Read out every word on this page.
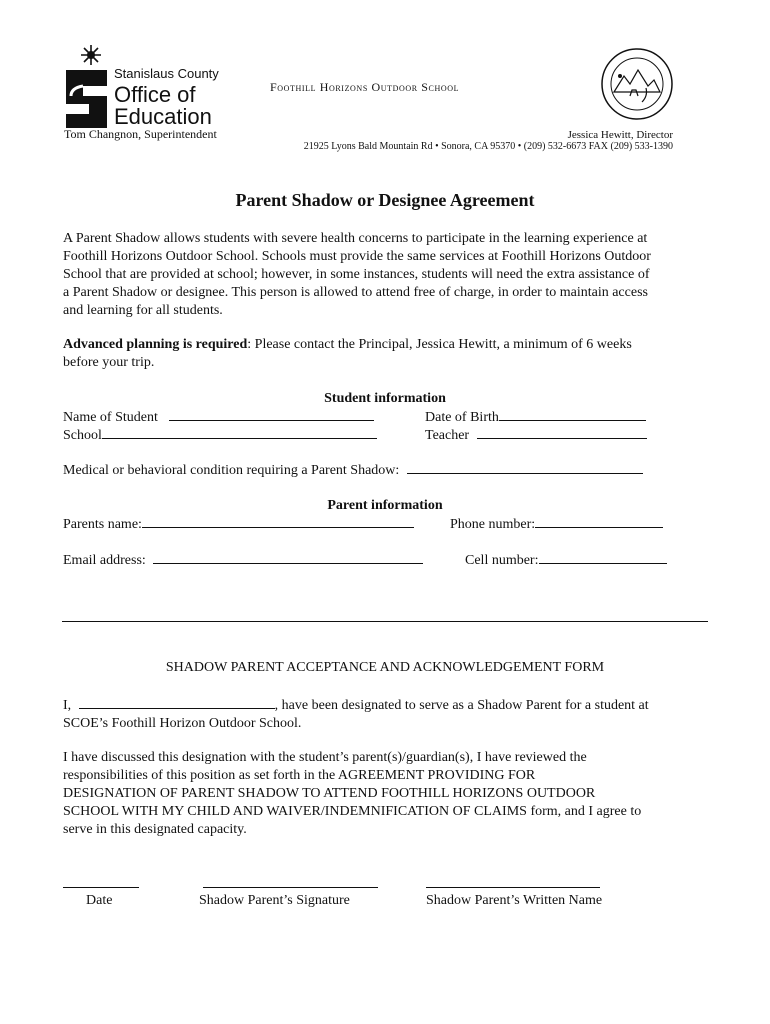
Stanislaus County
Office of
Education
Tom Changnon, Superintendent
Foothill Horizons Outdoor School
Jessica Hewitt, Director
21925 Lyons Bald Mountain Rd • Sonora, CA 95370 • (209) 532-6673 FAX (209) 533-1390
Parent Shadow or Designee Agreement
A Parent Shadow allows students with severe health concerns to participate in the learning experience at
Foothill Horizons Outdoor School. Schools must provide the same services at Foothill Horizons Outdoor
School that are provided at school; however, in some instances, students will need the extra assistance of
a Parent Shadow or designee. This person is allowed to attend free of charge, in order to maintain access
and learning for all students.
Advanced planning is required: Please contact the Principal, Jessica Hewitt, a minimum of 6 weeks
before your trip.
Student information
Name of Student	Date of Birth
School	Teacher
Medical or behavioral condition requiring a Parent Shadow:
Parent information
Parents name:	Phone number:
Email address:	Cell number:
SHADOW PARENT ACCEPTANCE AND ACKNOWLEDGEMENT FORM
I,	, have been designated to serve as a Shadow Parent for a student at
SCOE’s Foothill Horizon Outdoor School.
I have discussed this designation with the student’s parent(s)/guardian(s), I have reviewed the
responsibilities of this position as set forth in the AGREEMENT PROVIDING FOR
DESIGNATION OF PARENT SHADOW TO ATTEND FOOTHILL HORIZONS OUTDOOR
SCHOOL WITH MY CHILD AND WAIVER/INDEMNIFICATION OF CLAIMS form, and I agree to
serve in this designated capacity.
Date	Shadow Parent’s Signature	Shadow Parent’s Written Name
